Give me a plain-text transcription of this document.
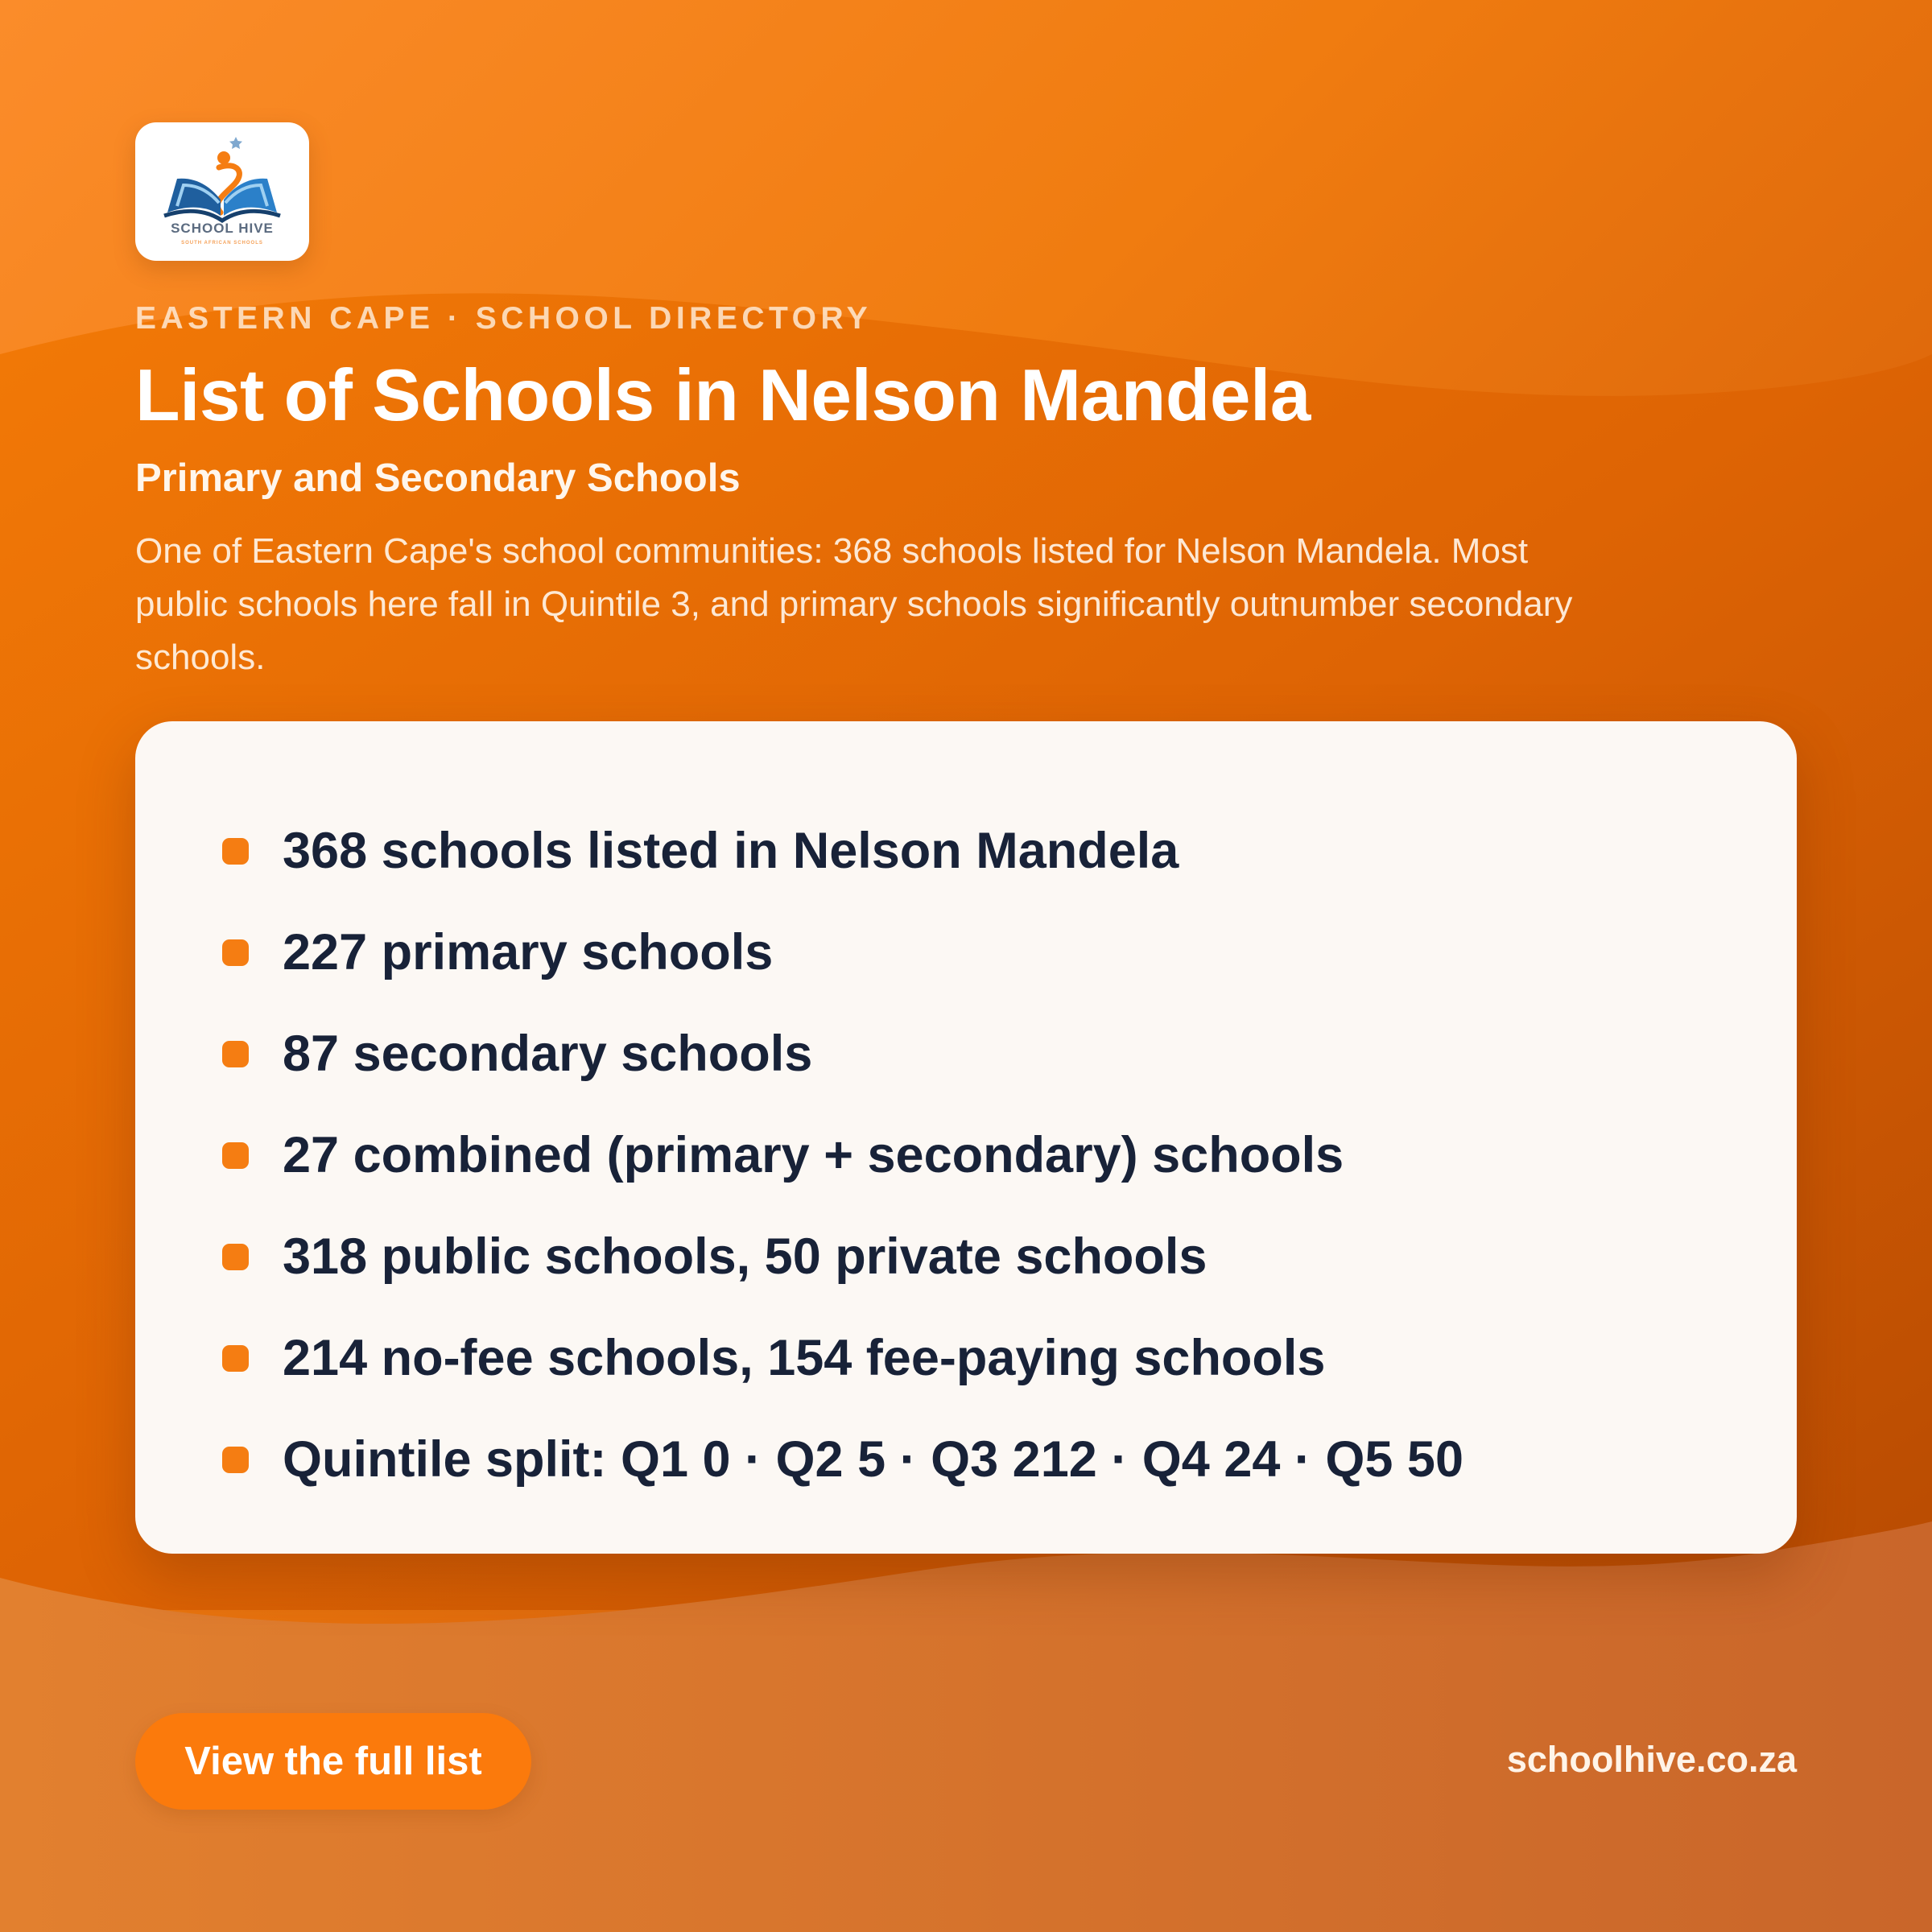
SCHOOL HIVE
SOUTH AFRICAN SCHOOLS

EASTERN CAPE · SCHOOL DIRECTORY

List of Schools in Nelson Mandela
Primary and Secondary Schools

One of Eastern Cape's school communities: 368 schools listed for Nelson Mandela. Most public schools here fall in Quintile 3, and primary schools significantly outnumber secondary schools.

368 schools listed in Nelson Mandela
227 primary schools
87 secondary schools
27 combined (primary + secondary) schools
318 public schools, 50 private schools
214 no-fee schools, 154 fee-paying schools
Quintile split: Q1 0 · Q2 5 · Q3 212 · Q4 24 · Q5 50
View the full list	schoolhive.co.za
